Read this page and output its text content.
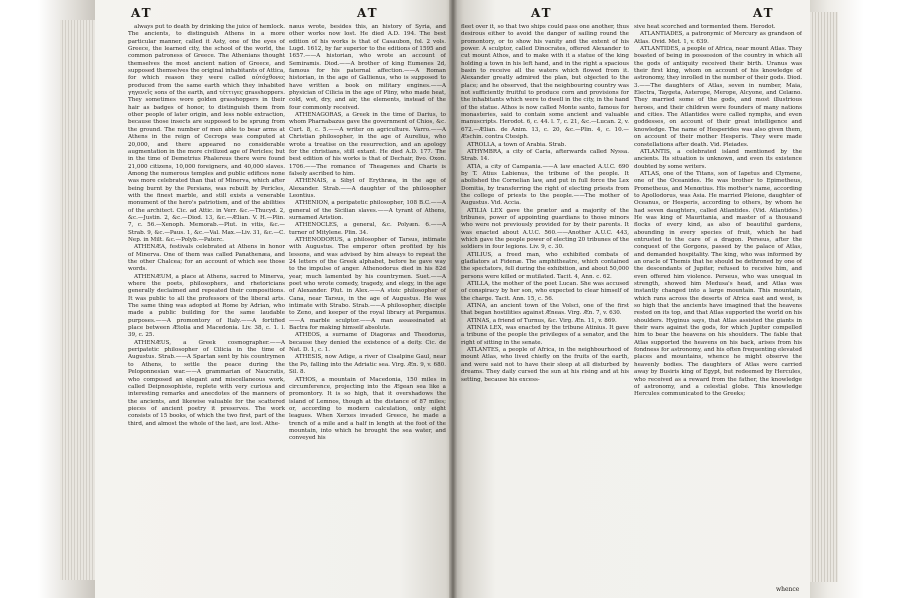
AT	AT

always put to death by drinking the juice of hemlock. The ancients, to distinguish Athens in a more particular manner, called it Asty, one of the eyes of Greece, the learned city, the school of the world, the common patroness of Greece. The Athenians thought themselves the most ancient nation of Greece, and supposed themselves the original inhabitants of Attica, for which reason they were called αὐτόχθονες produced from the same earth which they inhabited γηγενεῖς sons of the earth, and τέττιγες grasshoppers. They sometimes wore golden grasshoppers in their hair as badges of honor, to distinguish them from other people of later origin, and less noble extraction, because those insects are supposed to be sprung from the ground. The number of men able to bear arms at Athens in the reign of Cecrops was computed at 20,000, and there appeared no considerable augmentation in the more civilized age of Pericles; but in the time of Demetrius Phalereus there were found 21,000 citizens, 10,000 foreigners, and 40,000 slaves. Among the numerous temples and public edifices none was more celebrated than that of Minerva, which after being burnt by the Persians, was rebuilt by Pericles, with the finest marble, and still exists a venerable monument of the hero's patriotism, and of the abilities of the architect. Cic. ad Attic. in Verr. &c.—Thucyd. 2, &c.—Justin. 2, &c.—Diod. 13, &c.—Ælian. V. H.—Plin. 7, c. 56.—Xenoph. Memorab.—Plut. in vitis, &c.—Strab. 9, &c.—Paus. 1, &c.—Val. Max.—Liv. 31, &c.—C. Nep. in Milt. &c.—Polyb.—Paterc.

ATHENÆA, festivals celebrated at Athens in honor of Minerva. One of them was called Panathenæa, and the other Chalcea; for an account of which see those words.

ATHENÆUM, a place at Athens, sacred to Minerva, where the poets, philosophers, and rhetoricians generally declaimed and repeated their compositions. It was public to all the professors of the liberal arts. The same thing was adopted at Rome by Adrian, who made a public building for the same laudable purposes.——A promontory of Italy.——A fortified place between Ætolia and Macedonia. Liv. 38, c. 1. l. 39, c. 25.

ATHENÆUS, a Greek cosmographer.——A peripatetic philosopher of Cilicia in the time of Augustus. Strab.——A Spartan sent by his countrymen to Athens, to settle the peace during the Peloponnesian war.——A grammarian of Naucratis, who composed an elegant and miscellaneous work, called Deipnosophiste, replete with very curious and interesting remarks and anecdotes of the manners of the ancients, and likewise valuable for the scattered pieces of ancient poetry it preserves. The work consists of 15 books, of which the two first, part of the third, and almost the whole of the last, are lost. Athe-

næus wrote, besides this, an history of Syria, and other works now lost. He died A.D. 194. The best edition of his works is that of Casaubon, fol. 2 vols. Lugd. 1612, by far superior to the editions of 1595 and 1657.——A historian, who wrote an account of Semiramis. Diod.——A brother of king Eumenes 2d, famous for his paternal affection.——A Roman historian, in the age of Gallienus, who is supposed to have written a book on military engines.——A physician of Cilicia in the age of Pliny, who made heat, cold, wet, dry, and air, the elements, instead of the four commonly received.

ATHENAGORAS, a Greek in the time of Darius, to whom Pharnabazus gave the government of Chios, &c. Curt. 8, c. 5.——A writer on agriculture. Varro.——A Christian philosopher, in the age of Aurelius, who wrote a treatise on the resurrection, and an apology for the christians, still extant. He died A.D. 177. The best edition of his works is that of Dechair, 8vo. Oxon. 1706.——The romance of Theagenes and Charis is falsely ascribed to him.

ATHENAIS, a Sibyl of Erythræa, in the age of Alexander. Strab.——A daughter of the philosopher Leontius.

ATHENION, a peripatetic philosopher, 108 B.C.——A general of the Sicilian slaves.——A tyrant of Athens, surnamed Aristion.

ATHENOCLES, a general, &c. Polyæn. 6.——A turner of Mitylene. Plin. 34.

ATHENODORUS, a philosopher of Tarsus, intimate with Augustus. The emperor often profited by his lessons, and was advised by him always to repeat the 24 letters of the Greek alphabet, before he gave way to the impulse of anger. Athenodorus died in his 82d year, much lamented by his countrymen. Suet.——A poet who wrote comedy, tragedy, and elegy, in the age of Alexander. Plut. in Alex.——A stoic philosopher of Cana, near Tarsus, in the age of Augustus. He was intimate with Strabo. Strab.——A philosopher, disciple to Zeno, and keeper of the royal library at Pergamus.——A marble sculptor.——A man assassinated at Bactra for making himself absolute.

ATHEOS, a surname of Diagoras and Theodorus, because they denied the existence of a deity. Cic. de Nat. D. 1, c. 1.

ATHESIS, now Adige, a river of Cisalpine Gaul, near the Po, falling into the Adriatic sea. Virg. Æn. 9, v. 680. Sil. 8.

ATHOS, a mountain of Macedonia, 150 miles in circumference, projecting into the Ægean sea like a promontory. It is so high, that it overshadows the island of Lemnos, though at the distance of 87 miles; or, according to modern calculation, only eight leagues. When Xerxes invaded Greece, he made a trench of a mile and a half in length at the foot of the mountain, into which he brought the sea water, and conveyed his

AT	AT

fleet over it, so that two ships could pass one another, thus desirous either to avoid the danger of sailing round the promontory, or to show his vanity and the extent of his power. A sculptor, called Dinocrates, offered Alexander to cut mount Athos, and to make with it a statue of the king holding a town in his left hand, and in the right a spacious basin to receive all the waters which flowed from it. Alexander greatly admired the plan, but objected to the place; and he observed, that the neighbouring country was not sufficiently fruitful to produce corn and provisions for the inhabitants which were to dwell in the city, in the hand of the statue. Athos is now called Monte santo, famous for monasteries, said to contain some ancient and valuable manuscripts. Herodot. 6, c. 44. l. 7, c. 21, &c.—Lucan. 2, v. 672.—Ælian. de Anim. 13, c. 20, &c.—Plin. 4, c. 10.—Æschin. contra Ctesiph.

ATROLLA, a town of Arabia. Strab.

ATHYMBRA, a city of Caria, afterwards called Nyssa. Strab. 14.

ATIA, a city of Campania.——A law enacted A.U.C. 690 by T. Atius Labienus, the tribune of the people. It abolished the Cornelian law, and put in full force the Lex Domitia, by transferring the right of electing priests from the college of priests to the people.——The mother of Augustus. Vid. Accia.

ATILIA LEX gave the prætor and a majority of the tribunes, power of appointing guardians to those minors who were not previously provided for by their parents. It was enacted about A.U.C. 560.——Another A.U.C. 443, which gave the people power of electing 20 tribunes of the soldiers in four legions. Liv. 9, c. 30.

ATILIUS, a freed man, who exhibited combats of gladiators at Fidenæ. The amphitheatre, which contained the spectators, fell during the exhibition, and about 50,000 persons were killed or mutilated. Tacit. 4, Ann. c. 62.

ATILLA, the mother of the poet Lucan. She was accused of conspiracy by her son, who expected to clear himself of the charge. Tacit. Ann. 15, c. 56.

ATINA, an ancient town of the Volsci, one of the first that began hostilities against Æneas. Virg. Æn. 7, v. 630.

ATINAS, a friend of Turnus, &c. Virg. Æn. 11, v. 869.

ATINIA LEX, was enacted by the tribune Atinius. It gave a tribune of the people the privileges of a senator, and the right of sitting in the senate.

ATLANTES, a people of Africa, in the neighbourhood of mount Atlas, who lived chiefly on the fruits of the earth, and were said not to have their sleep at all disturbed by dreams. They daily cursed the sun at his rising and at his setting, because his excess-

sive heat scorched and tormented them. Herodot.

ATLANTIADES, a patronymic of Mercury as grandson of Atlas. Ovid. Met. 1, v. 639.

ATLANTIDES, a people of Africa, near mount Atlas. They boasted of being in possession of the country in which all the gods of antiquity received their birth. Uranus was their first king, whom on account of his knowledge of astronomy, they inrolled in the number of their gods. Diod. 3.——The daughters of Atlas, seven in number, Maia, Electra, Taygeta, Asterope, Merope, Alcyone, and Celæno. They married some of the gods, and most illustrious heroes, and their children were founders of many nations and cities. The Atlantides were called nymphs, and even goddesses, on account of their great intelligence and knowledge. The name of Hesperides was also given them, on account of their mother Hesperis. They were made constellations after death. Vid. Pleiades.

ATLANTIS, a celebrated island mentioned by the ancients. Its situation is unknown, and even its existence doubted by some writers.

ATLAS, one of the Titans, son of Iapetus and Clymene, one of the Oceanides. He was brother to Epimetheus, Prometheus, and Menœtius. His mother's name, according to Apollodorus, was Asia. He married Pleione, daughter of Oceanus, or Hesperis, according to others, by whom he had seven daughters, called Atlantides. (Vid. Atlantides.) He was king of Mauritania, and master of a thousand flocks of every kind, as also of beautiful gardens, abounding in every species of fruit, which he had entrusted to the care of a dragon. Perseus, after the conquest of the Gorgons, passed by the palace of Atlas, and demanded hospitality. The king, who was informed by an oracle of Themis that he should be dethroned by one of the descendants of Jupiter, refused to receive him, and even offered him violence. Perseus, who was unequal in strength, showed him Medusa's head, and Atlas was instantly changed into a large mountain. This mountain, which runs across the deserts of Africa east and west, is so high that the ancients have imagined that the heavens rested on its top, and that Atlas supported the world on his shoulders. Hyginus says, that Atlas assisted the giants in their wars against the gods, for which Jupiter compelled him to bear the heavens on his shoulders. The fable that Atlas supported the heavens on his back, arises from his fondness for astronomy, and his often frequenting elevated places and mountains, whence he might observe the heavenly bodies. The daughters of Atlas were carried away by Busiris king of Egypt, but redeemed by Hercules, who received as a reward from the father, the knowledge of astronomy, and a celestial globe. This knowledge Hercules communicated to the Greeks;

whence
